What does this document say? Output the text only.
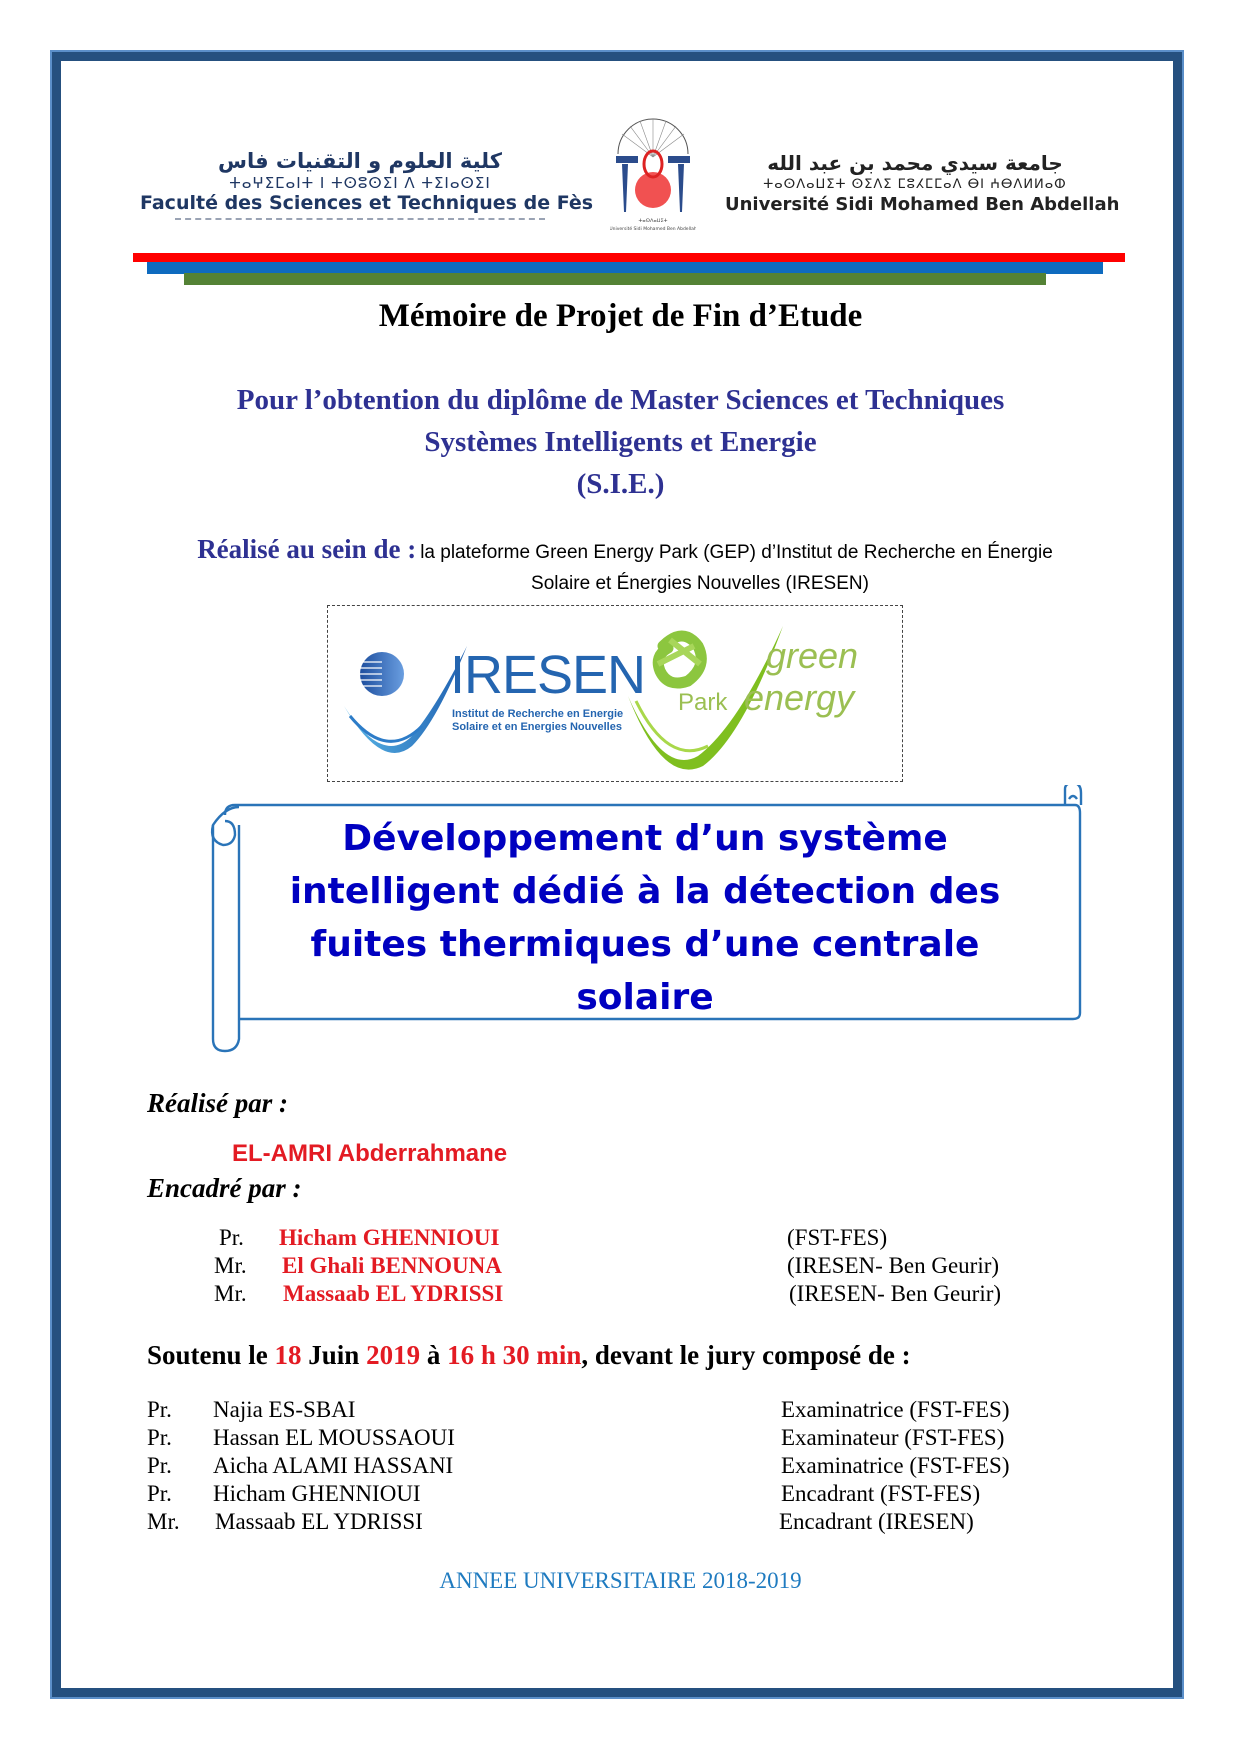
كلية العلوم و التقنيات فاس
ⵜⴰⵖⵉⵎⴰⵏⵜ ⵏ ⵜⵙⵓⵙⵉⵏ ⴷ ⵜⵉⵏⴰⵙⵉⵏ
Faculté des Sciences et Techniques de Fès
ⵜⴰⵙⴷⴰⵡⵉⵜ
Université Sidi Mohamed Ben Abdellah
جامعة سيدي محمد بن عبد الله
ⵜⴰⵙⴷⴰⵡⵉⵜ ⵙⵉⴷⵉ ⵎⵓⵃⵎⵎⴰⴷ ⴱⵏ ⵄⴱⴷⵍⵍⴰⵀ
Université Sidi Mohamed Ben Abdellah
Mémoire de Projet de Fin d’Etude
Pour l’obtention du diplôme de Master Sciences et Techniques
Systèmes Intelligents et Energie
(S.I.E.)
Réalisé au sein de : la plateforme Green Energy Park (GEP) d’Institut de Recherche en Énergie
Solaire et Énergies Nouvelles (IRESEN)
IRESEN
Institut de Recherche en Energie
Solaire et en Energies Nouvelles
green
energy
Park
Développement d’un système
intelligent dédié à la détection des
fuites thermiques d’une centrale
solaire
Réalisé par :
EL-AMRI Abderrahmane
Encadré par :
Pr. Hicham GHENNIOUI	(FST-FES)
Mr. El Ghali BENNOUNA	(IRESEN- Ben Geurir)
Mr. Massaab EL YDRISSI	(IRESEN- Ben Geurir)
Soutenu le 18 Juin 2019 à 16 h 30 min, devant le jury composé de :
Pr. Najia ES-SBAI	Examinatrice (FST-FES)
Pr. Hassan EL MOUSSAOUI	Examinateur (FST-FES)
Pr. Aicha ALAMI HASSANI	Examinatrice (FST-FES)
Pr. Hicham GHENNIOUI	Encadrant (FST-FES)
Mr. Massaab EL YDRISSI	Encadrant (IRESEN)
ANNEE UNIVERSITAIRE 2018-2019
